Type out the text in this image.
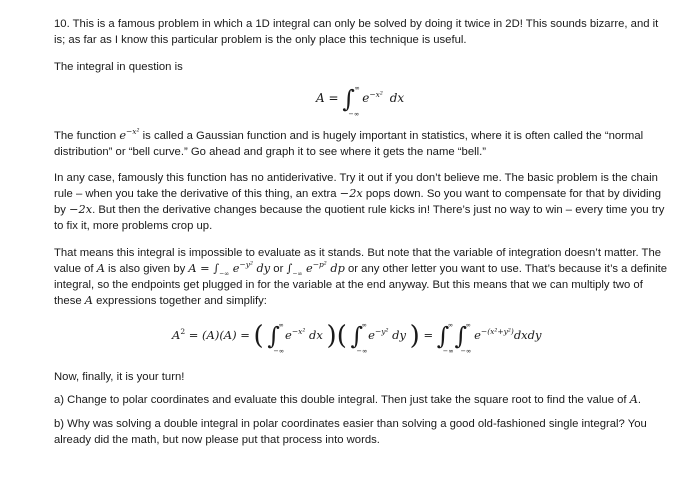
10. This is a famous problem in which a 1D integral can only be solved by doing it twice in 2D! This sounds bizarre, and it is; as far as I know this particular problem is the only place this technique is useful.

The integral in question is

A = ∫ ∞
−∞
$e^{-x^2}$ dx

The function $e^{-x^2}$ is called a Gaussian function and is hugely important in statistics, where it is often called the “normal distribution” or “bell curve.” Go ahead and graph it to see where it gets the name “bell.”

In any case, famously this function has no antiderivative. Try it out if you don’t believe me. The basic problem is the chain rule – when you take the derivative of this thing, an extra −2x pops down. So you want to compensate for that by dividing by −2x. But then the derivative changes because the quotient rule kicks in! There’s just no way to win – every time you try to fix it, more problems crop up.

That means this integral is impossible to evaluate as it stands. But note that the variable of integration doesn’t matter. The value of A is also given by $A = \int_{-\infty}$ $e^{-y^2}$ dy or $\int_{-\infty}$ $e^{-p^2}$ dp or any other letter you want to use. That’s because it’s a definite integral, so the endpoints get plugged in for the variable at the end anyway. But this means that we can multiply two of these A expressions together and simplify:

$A^2 = (A)(A)$ = ( ∫
∞
−∞
$e^{-x^2}$ dx )( ∫
∞
−∞
$e^{-y^2}$ dy ) = ∫
∞
−∞
∫
∞
−∞
$e^{-(x^2+y^2)}dxdy$

Now, finally, it is your turn!

a) Change to polar coordinates and evaluate this double integral. Then just take the square root to find the value of A.

b) Why was solving a double integral in polar coordinates easier than solving a good old-fashioned single integral? You already did the math, but now please put that process into words.
